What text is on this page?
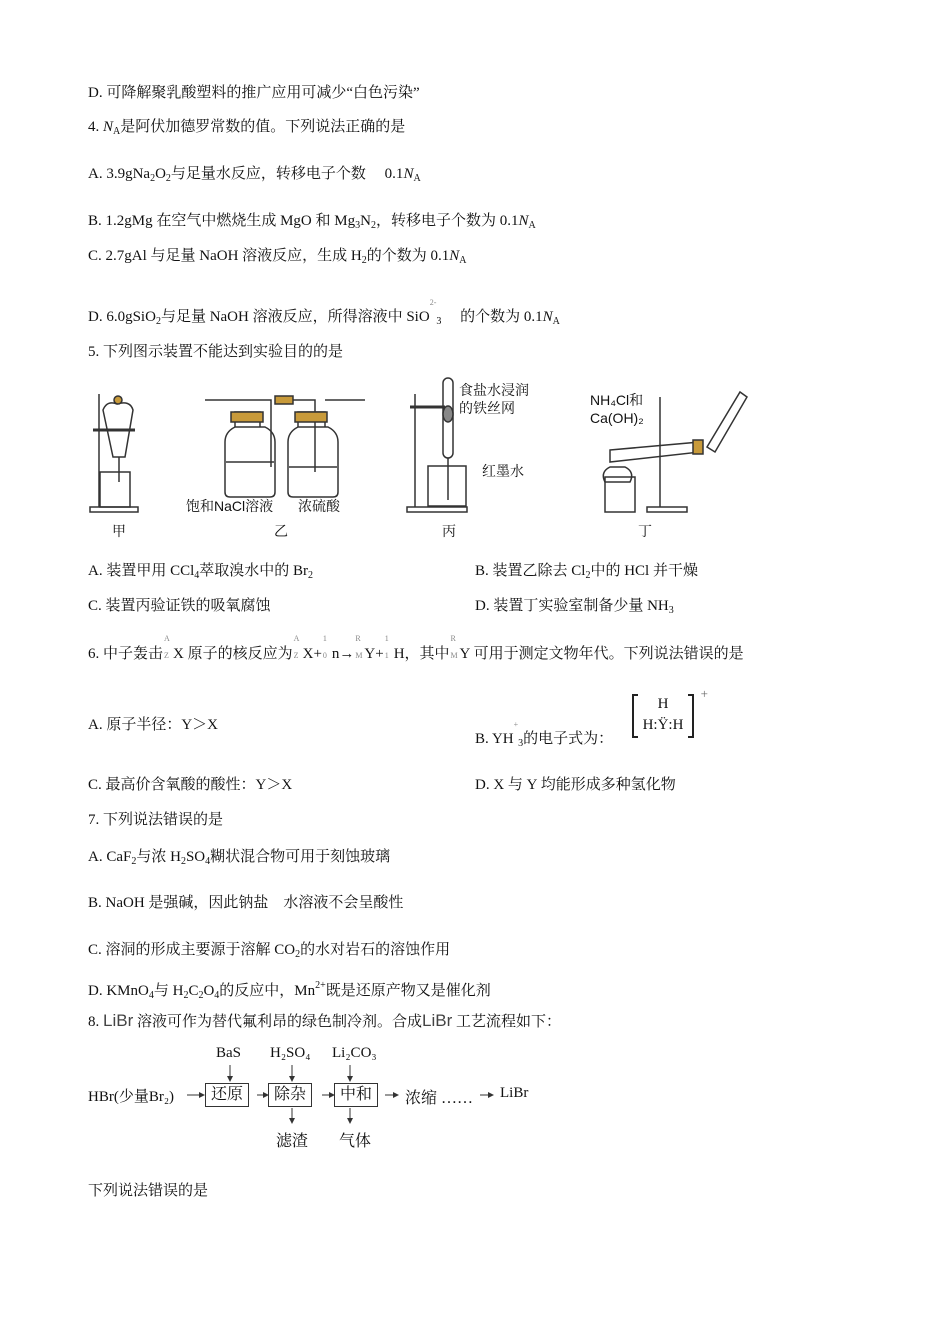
D. 可降解聚乳酸塑料的推广应用可减少“白色污染”
4. $N_A$是阿伏加德罗常数的值。下列说法正确的是
A. $3.9gNa_2O_2$与足量水反应，转移电子个数　 $0.1N_A$
B. 1.2gMg 在空气中燃烧生成 MgO 和 $Mg_3N_2$，转移电子个数为 $0.1N_A$
C. 2.7gAl 与足量 NaOH 溶液反应，生成 $H_2$的个数为 $0.1N_A$
D. 6.0gSiO$_2$与足量 NaOH 溶液反应，所得溶液中 SiO$^{2-}_3$　 的个数为 $0.1N_A$
5. 下列图示装置不能达到实验目的的是
甲	乙	丙	丁
饱和NaCl溶液 浓硫酸
食盐水浸润
的铁丝网
红墨水
NH₄Cl和
Ca(OH)₂
A. 装置甲用 CCl$_4$萃取溴水中的 $Br_2$	B. 装置乙除去 $Cl_2$中的 HCl 并干燥
C. 装置丙验证铁的吸氧腐蚀	D. 装置丁实验室制备少量 $NH_3$
6. 中子轰击
A
Z X 原子的核反应为
A
Z X+
1
0 n→
R
M Y+
1
1 H，其中
R
M Y 可用于测定文物年代。下列说法错误的是
A. 原子半径：Y＞X
B. $YH^+_3$的电子式为：
H
H:Ÿ:H
+
C. 最高价含氧酸的酸性：Y＞X	D. X 与 Y 均能形成多种氢化物
7. 下列说法错误的是
A. CaF$_2$与浓 $H_2SO_4$糊状混合物可用于刻蚀玻璃
B. NaOH 是强碱，因此钠盐　水溶液不会呈酸性
C. 溶洞的形成主要源于溶解 $CO_2$的水对岩石的溶蚀作用
D. KMnO$_4$与 $H_2C_2O_4$的反应中，$Mn^{2+}$既是还原产物又是催化剂
8. LiBr 溶液可作为替代氟利昂的绿色制冷剂。合成LiBr 工艺流程如下：
HBr(少量Br₂)	还原	除杂	中和
BaS H₂SO₄ Li₂CO₃
滤渣 气体
浓缩 …… LiBr
下列说法错误的是
